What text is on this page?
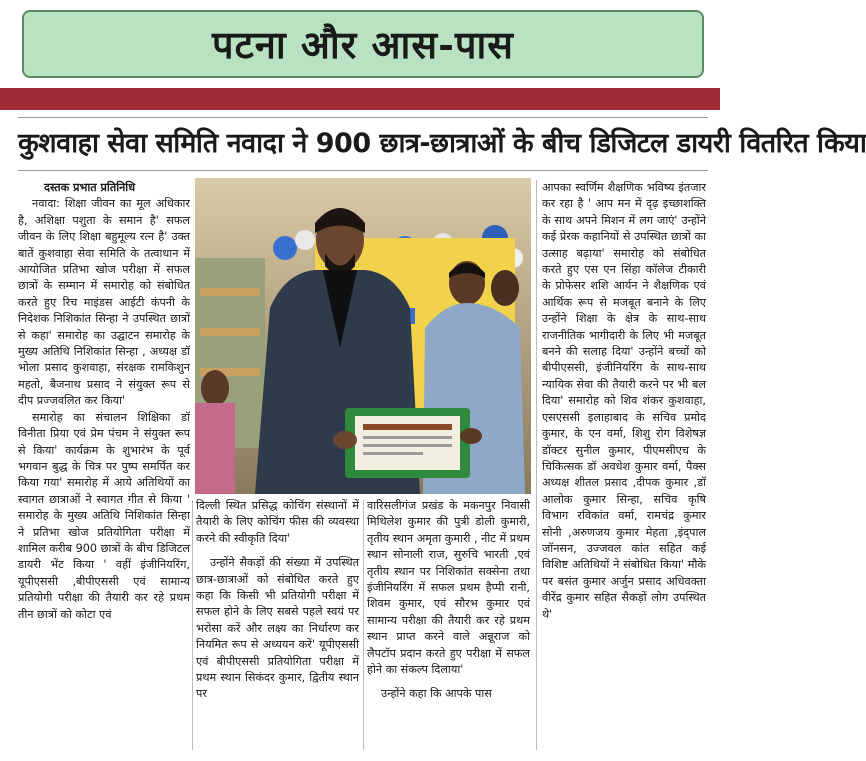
पटना और आस-पास
कुशवाहा सेवा समिति नवादा ने 900 छात्र-छात्राओं के बीच डिजिटल डायरी वितरित किया

दस्तक प्रभात प्रतिनिधि

नवादा: शिक्षा जीवन का मूल अधिकार है, अशिक्षा पशुता के समान है' सफल जीवन के लिए शिक्षा बहुमूल्य रत्न है' उक्त बातें कुशवाहा सेवा समिति के तत्वाधान में आयोजित प्रतिभा खोज परीक्षा में सफल छात्रों के सम्मान में समारोह को संबोधित करते हुए रिच माइंडस आईटी कंपनी के निदेशक निशिकांत सिन्हा ने उपस्थित छात्रों से कहा' समारोह का उद्घाटन समारोह के मुख्य अतिथि निशिकांत सिन्हा , अध्यक्ष डॉ भोला प्रसाद कुशवाहा, संरक्षक रामकिशुन महतो, बैजनाथ प्रसाद ने संयुक्त रूप से दीप प्रज्जवलित कर किया'

समारोह का संचालन शिक्षिका डॉ विनीता प्रिया एवं प्रेम पंचम ने संयुक्त रूप से किया' कार्यक्रम के शुभारंभ के पूर्व भगवान बुद्ध के चित्र पर पुष्प समर्पित कर किया गया' समारोह में आये अतिथियों का स्वागत छात्राओं ने स्वागत गीत से किया ' समारोह के मुख्य अतिथि निशिकांत सिन्हा ने प्रतिभा खोज प्रतियोगिता परीक्षा में शामिल करीब 900 छात्रों के बीच डिजिटल डायरी भेंट किया ' वहीं इंजीनियरिंग, यूपीएससी ,बीपीएससी एवं सामान्य प्रतियोगी परीक्षा की तैयारी कर रहे प्रथम तीन छात्रों को कोटा एवं

दिल्ली स्थित प्रसिद्ध कोचिंग संस्थानों में तैयारी के लिए कोचिंग फीस की व्यवस्था करने की स्वीकृति दिया'

उन्होंने सैकड़ों की संख्या में उपस्थित छात्र-छात्राओं को संबोधित करते हुए कहा कि किसी भी प्रतियोगी परीक्षा में सफल होने के लिए सबसे पहले स्वयं पर भरोसा करें और लक्ष्य का निर्धारण कर नियमित रूप से अध्ययन करें' यूपीएससी एवं बीपीएससी प्रतियोगिता परीक्षा में प्रथम स्थान सिकंदर कुमार, द्वितीय स्थान पर

वारिसलीगंज प्रखंड के मकनपुर निवासी मिथिलेश कुमार की पुत्री डोली कुमारी, तृतीय स्थान अमृता कुमारी , नीट में प्रथम स्थान सोनाली राज, सुरुचि भारती ,एवं तृतीय स्थान पर निशिकांत सक्सेना तथा इंजीनियरिंग में सफल प्रथम हैप्पी रानी, शिवम कुमार, एवं सौरभ कुमार एवं सामान्य परीक्षा की तैयारी कर रहे प्रथम स्थान प्राप्त करने वाले अन्नूराज को लैपटॉप प्रदान करते हुए परीक्षा में सफल होने का संकल्प दिलाया'

उन्होंने कहा कि आपके पास

आपका स्वर्णिम शैक्षणिक भविष्य इंतजार कर रहा है ' आप मन में दृढ़ इच्छाशक्ति के साथ अपने मिशन में लग जाएं' उन्होंने कई प्रेरक कहानियों से उपस्थित छात्रों का उत्साह बढ़ाया' समारोह को संबोधित करते हुए एस एन सिंहा कॉलेज टीकारी के प्रोफेसर शशि आर्यन ने शैक्षणिक एवं आर्थिक रूप से मजबूत बनाने के लिए उन्होंने शिक्षा के क्षेत्र के साथ-साथ राजनीतिक भागीदारी के लिए भी मजबूत बनने की सलाह दिया' उन्होंने बच्चों को बीपीएससी, इंजीनियरिंग के साथ-साथ न्यायिक सेवा की तैयारी करने पर भी बल दिया' समारोह को शिव शंकर कुशवाहा, एसएससी इलाहाबाद के सचिव प्रमोद कुमार, के एन वर्मा, शिशु रोग विशेषज्ञ डॉक्टर सुनील कुमार, पीएमसीएच के चिकित्सक डॉ अवधेश कुमार वर्मा, पैक्स अध्यक्ष शीतल प्रसाद ,दीपक कुमार ,डॉ आलोक कुमार सिन्हा, सचिव कृषि विभाग रविकांत वर्मा, रामचंद्र कुमार सोनी ,अरुणजय कुमार मेहता ,इंद्पाल जॉनसन, उज्जवल कांत सहित कई विशिष्ट अतिथियों ने संबोधित किया' मौके पर बसंत कुमार अर्जुन प्रसाद अधिवक्ता वीरेंद्र कुमार सहित सैकड़ों लोग उपस्थित थे'
